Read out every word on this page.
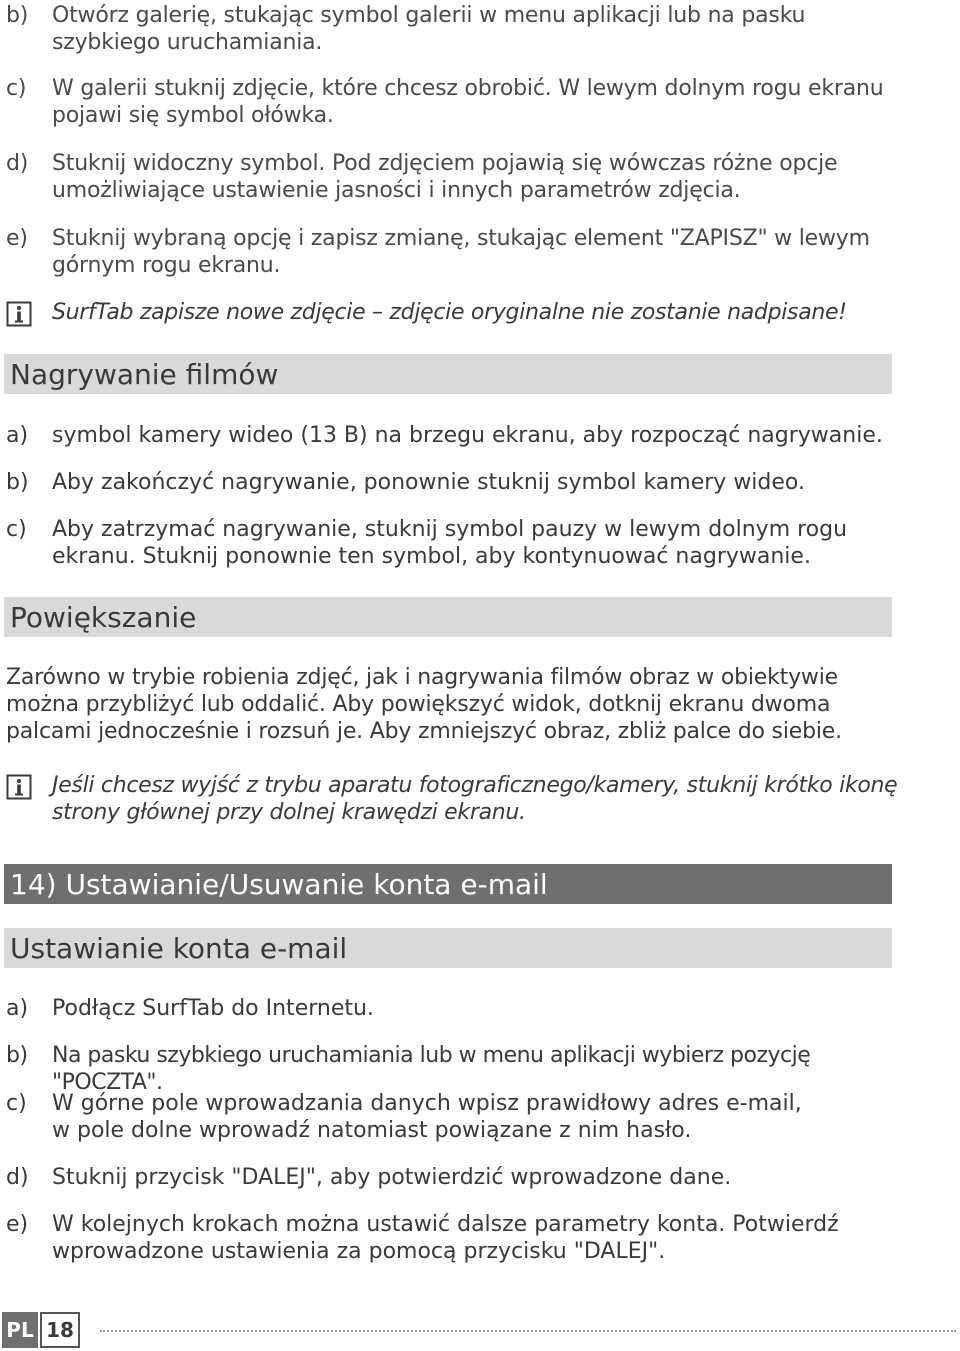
b) Otwórz galerię, stukając symbol galerii w menu aplikacji lub na pasku szybkiego uruchamiania.
c) W galerii stuknij zdjęcie, które chcesz obrobić. W lewym dolnym rogu ekranu pojawi się symbol ołówka.
d) Stuknij widoczny symbol. Pod zdjęciem pojawią się wówczas różne opcje umożliwiające ustawienie jasności i innych parametrów zdjęcia.
e) Stuknij wybraną opcję i zapisz zmianę, stukając element "ZAPISZ" w lewym górnym rogu ekranu.
SurfTab zapisze nowe zdjęcie – zdjęcie oryginalne nie zostanie nadpisane!
Nagrywanie filmów
a) symbol kamery wideo (13 B) na brzegu ekranu, aby rozpocząć nagrywanie.
b) Aby zakończyć nagrywanie, ponownie stuknij symbol kamery wideo.
c) Aby zatrzymać nagrywanie, stuknij symbol pauzy w lewym dolnym rogu ekranu. Stuknij ponownie ten symbol, aby kontynuować nagrywanie.
Powiększanie
Zarówno w trybie robienia zdjęć, jak i nagrywania filmów obraz w obiektywie można przybliżyć lub oddalić. Aby powiększyć widok, dotknij ekranu dwoma palcami jednocześnie i rozsuń je. Aby zmniejszyć obraz, zbliż palce do siebie.
Jeśli chcesz wyjść z trybu aparatu fotograficznego/kamery, stuknij krótko ikonę strony głównej przy dolnej krawędzi ekranu.
14) Ustawianie/Usuwanie konta e-mail
Ustawianie konta e-mail
a) Podłącz SurfTab do Internetu.
b) Na pasku szybkiego uruchamiania lub w menu aplikacji wybierz pozycję "POCZTA".
c) W górne pole wprowadzania danych wpisz prawidłowy adres e-mail, w pole dolne wprowadź natomiast powiązane z nim hasło.
d) Stuknij przycisk "DALEJ", aby potwierdzić wprowadzone dane.
e) W kolejnych krokach można ustawić dalsze parametry konta. Potwierdź wprowadzone ustawienia za pomocą przycisku "DALEJ".
PL 18
